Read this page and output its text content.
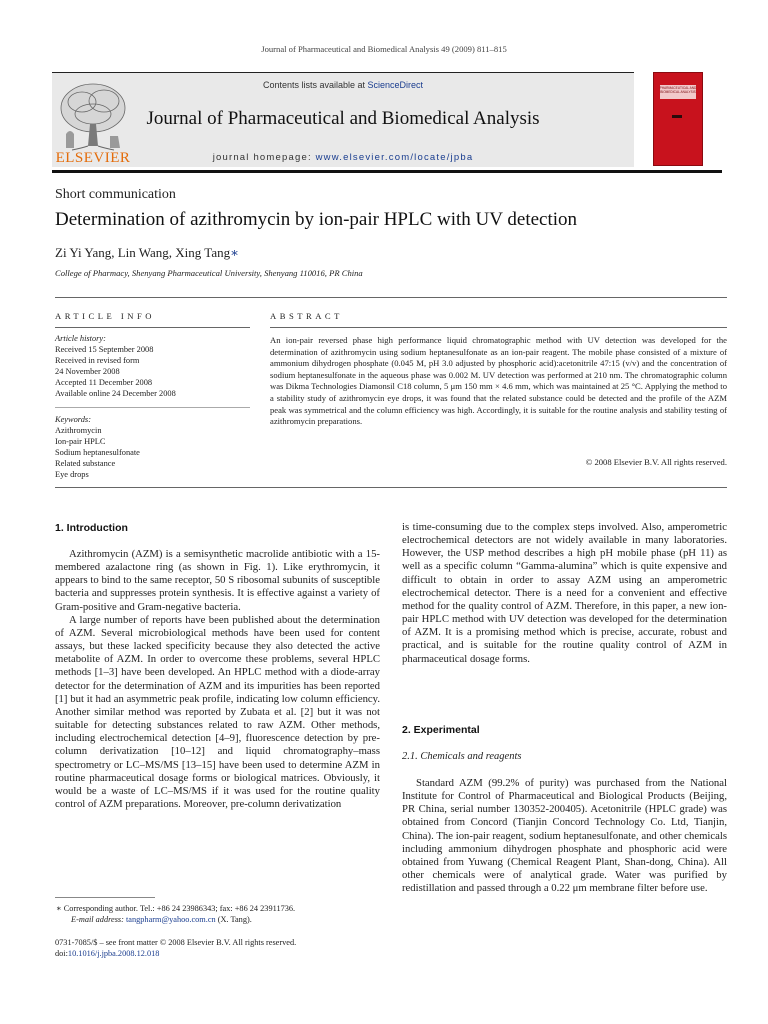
Journal of Pharmaceutical and Biomedical Analysis 49 (2009) 811–815
Contents lists available at ScienceDirect
Journal of Pharmaceutical and Biomedical Analysis
journal homepage: www.elsevier.com/locate/jpba
ELSEVIER
PHARMACEUTICAL AND BIOMEDICAL ANALYSIS
Short communication
Determination of azithromycin by ion-pair HPLC with UV detection
Zi Yi Yang, Lin Wang, Xing Tang∗
College of Pharmacy, Shenyang Pharmaceutical University, Shenyang 110016, PR China
ARTICLE INFO
Article history:
Received 15 September 2008
Received in revised form
24 November 2008
Accepted 11 December 2008
Available online 24 December 2008
Keywords:
Azithromycin
Ion-pair HPLC
Sodium heptanesulfonate
Related substance
Eye drops
ABSTRACT
An ion-pair reversed phase high performance liquid chromatographic method with UV detection was developed for the determination of azithromycin using sodium heptanesulfonate as an ion-pair reagent. The mobile phase consisted of a mixture of ammonium dihydrogen phosphate (0.045 M, pH 3.0 adjusted by phosphoric acid):acetonitrile 47:15 (v/v) and the concentration of sodium heptanesulfonate in the aqueous phase was 0.002 M. UV detection was performed at 210 nm. The chromatographic column was Dikma Technologies Diamonsil C18 column, 5 μm 150 mm × 4.6 mm, which was maintained at 25 °C. Applying the method to a stability study of azithromycin eye drops, it was found that the related substance could be detected and the profile of the AZM peak was symmetrical and the column efficiency was high. Accordingly, it is suitable for the routine analysis and stability testing of azithromycin preparations.
© 2008 Elsevier B.V. All rights reserved.
1. Introduction

Azithromycin (AZM) is a semisynthetic macrolide antibiotic with a 15-membered azalactone ring (as shown in Fig. 1). Like erythromycin, it appears to bind to the same receptor, 50 S ribosomal subunits of susceptible bacteria and suppresses protein synthesis. It is effective against a variety of Gram-positive and Gram-negative bacteria.

A large number of reports have been published about the determination of AZM. Several microbiological methods have been used for content assays, but these lacked specificity because they also detected the active metabolite of AZM. In order to overcome these problems, several HPLC methods [1–3] have been developed. An HPLC method with a diode-array detector for the determination of AZM and its impurities has been reported [1] but it had an asymmetric peak profile, indicating low column efficiency. Another similar method was reported by Zubata et al. [2] but it was not suitable for detecting substances related to raw AZM. Other methods, including electrochemical detection [4–9], fluorescence detection by pre-column derivatization [10–12] and liquid chromatography–mass spectrometry or LC–MS/MS [13–15] have been used to determine AZM in routine pharmaceutical dosage forms or biological matrices. Obviously, it would be a waste of LC–MS/MS if it was used for the routine quality control of AZM preparations. Moreover, pre-column derivatization

is time-consuming due to the complex steps involved. Also, amperometric electrochemical detectors are not widely available in many laboratories. However, the USP method describes a high pH mobile phase (pH 11) as well as a specific column “Gamma-alumina” which is quite expensive and difficult to obtain in order to assay AZM using an amperometric electrochemical detector. There is a need for a convenient and effective method for the quality control of AZM. Therefore, in this paper, a new ion-pair HPLC method with UV detection was developed for the determination of AZM. It is a promising method which is precise, accurate, robust and practical, and is suitable for the routine quality control of AZM in pharmaceutical dosage forms.

2. Experimental
2.1. Chemicals and reagents

Standard AZM (99.2% of purity) was purchased from the National Institute for Control of Pharmaceutical and Biological Products (Beijing, PR China, serial number 130352-200405). Acetonitrile (HPLC grade) was obtained from Concord (Tianjin Concord Technology Co. Ltd, Tianjin, China). The ion-pair reagent, sodium heptanesulfonate, and other chemicals including ammonium dihydrogen phosphate and phosphoric acid were obtained from Yuwang (Chemical Reagent Plant, Shan-dong, China). All other chemicals were of analytical grade. Water was purified by redistillation and passed through a 0.22 μm membrane filter before use.

∗ Corresponding author. Tel.: +86 24 23986343; fax: +86 24 23911736.
E-mail address: tangpharm@yahoo.com.cn (X. Tang).
0731-7085/$ – see front matter © 2008 Elsevier B.V. All rights reserved.
doi:10.1016/j.jpba.2008.12.018
